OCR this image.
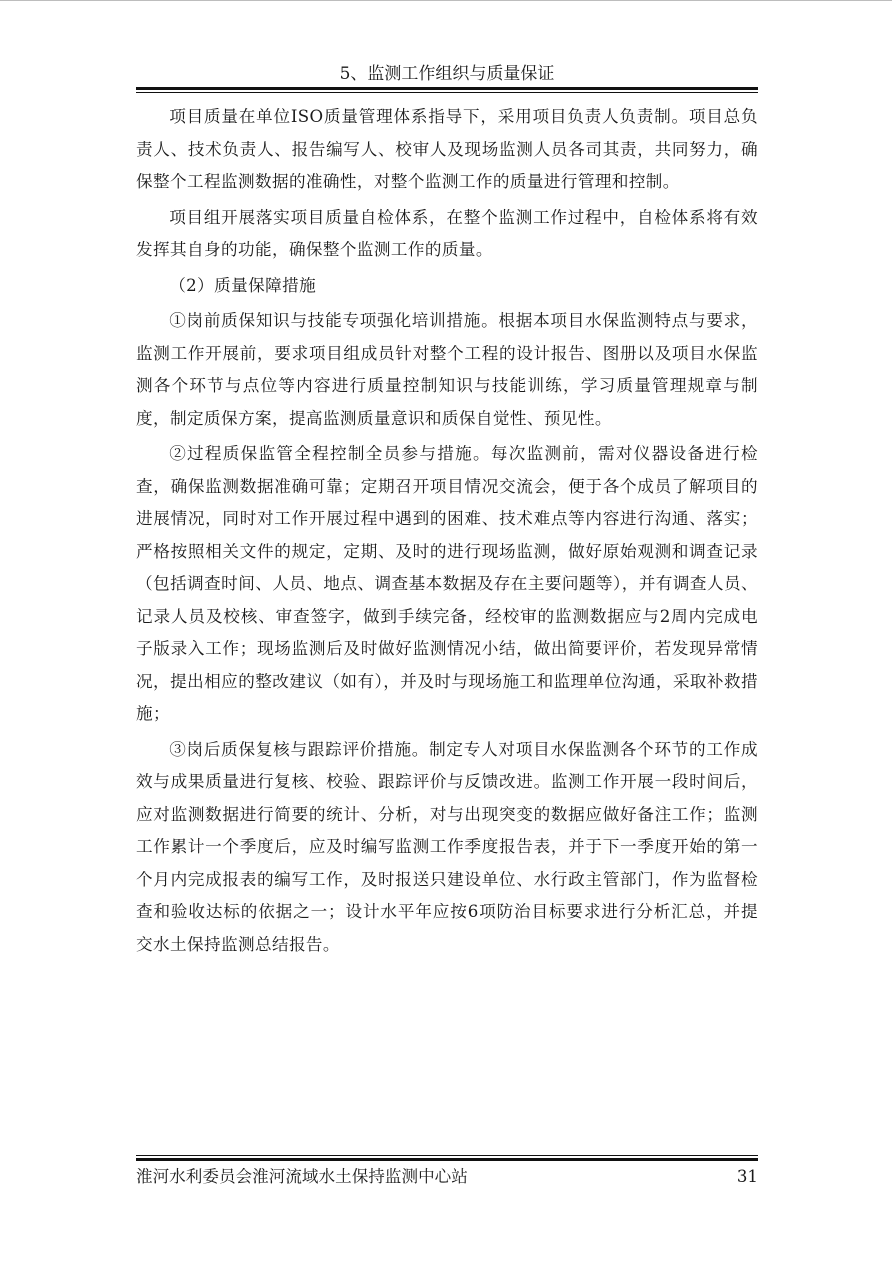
5、监测工作组织与质量保证

项目质量在单位ISO质量管理体系指导下，采用项目负责人负责制。项目总负责人、技术负责人、报告编写人、校审人及现场监测人员各司其责，共同努力，确保整个工程监测数据的准确性，对整个监测工作的质量进行管理和控制。

项目组开展落实项目质量自检体系，在整个监测工作过程中，自检体系将有效发挥其自身的功能，确保整个监测工作的质量。

（2）质量保障措施

①岗前质保知识与技能专项强化培训措施。根据本项目水保监测特点与要求，监测工作开展前，要求项目组成员针对整个工程的设计报告、图册以及项目水保监测各个环节与点位等内容进行质量控制知识与技能训练，学习质量管理规章与制度，制定质保方案，提高监测质量意识和质保自觉性、预见性。

②过程质保监管全程控制全员参与措施。每次监测前，需对仪器设备进行检查，确保监测数据准确可靠；定期召开项目情况交流会，便于各个成员了解项目的进展情况，同时对工作开展过程中遇到的困难、技术难点等内容进行沟通、落实；严格按照相关文件的规定，定期、及时的进行现场监测，做好原始观测和调查记录（包括调查时间、人员、地点、调查基本数据及存在主要问题等），并有调查人员、记录人员及校核、审查签字，做到手续完备，经校审的监测数据应与2周内完成电子版录入工作；现场监测后及时做好监测情况小结，做出简要评价，若发现异常情况，提出相应的整改建议（如有），并及时与现场施工和监理单位沟通，采取补救措施；

③岗后质保复核与跟踪评价措施。制定专人对项目水保监测各个环节的工作成效与成果质量进行复核、校验、跟踪评价与反馈改进。监测工作开展一段时间后，应对监测数据进行简要的统计、分析，对与出现突变的数据应做好备注工作；监测工作累计一个季度后，应及时编写监测工作季度报告表，并于下一季度开始的第一个月内完成报表的编写工作，及时报送只建设单位、水行政主管部门，作为监督检查和验收达标的依据之一；设计水平年应按6项防治目标要求进行分析汇总，并提交水土保持监测总结报告。

淮河水利委员会淮河流域水土保持监测中心站	31
